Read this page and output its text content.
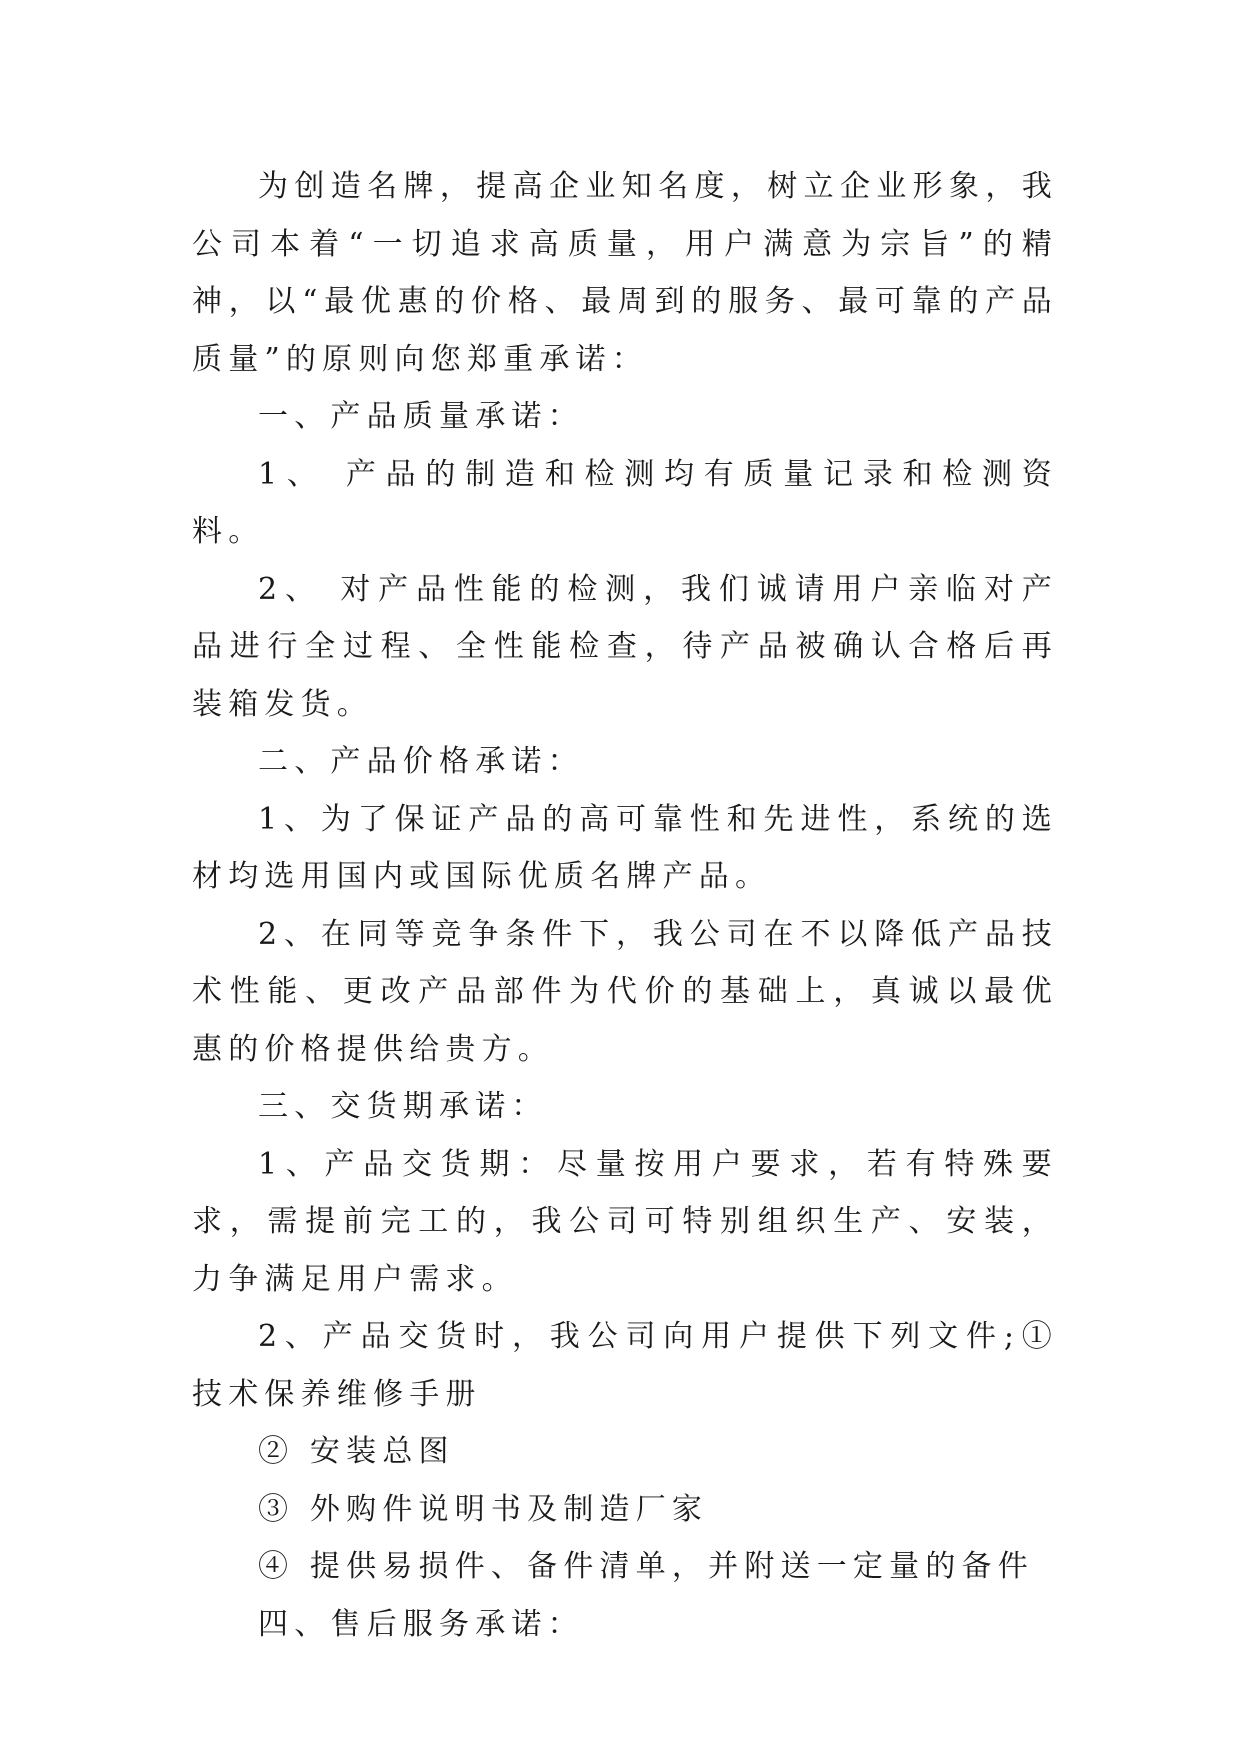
为创造名牌，提高企业知名度，树立企业形象，我公司本着“一切追求高质量，用户满意为宗旨”的精神，以“最优惠的价格、最周到的服务、最可靠的产品质量”的原则向您郑重承诺：

一、产品质量承诺：

1、 产品的制造和检测均有质量记录和检测资料。

2、 对产品性能的检测，我们诚请用户亲临对产品进行全过程、全性能检查，待产品被确认合格后再装箱发货。

二、产品价格承诺：

1、为了保证产品的高可靠性和先进性，系统的选材均选用国内或国际优质名牌产品。

2、在同等竞争条件下，我公司在不以降低产品技术性能、更改产品部件为代价的基础上，真诚以最优惠的价格提供给贵方。

三、交货期承诺：

1、产品交货期：尽量按用户要求，若有特殊要求，需提前完工的，我公司可特别组织生产、安装，力争满足用户需求。

2、产品交货时，我公司向用户提供下列文件;① 技术保养维修手册

② 安装总图

③ 外购件说明书及制造厂家

④ 提供易损件、备件清单，并附送一定量的备件

四、售后服务承诺：
